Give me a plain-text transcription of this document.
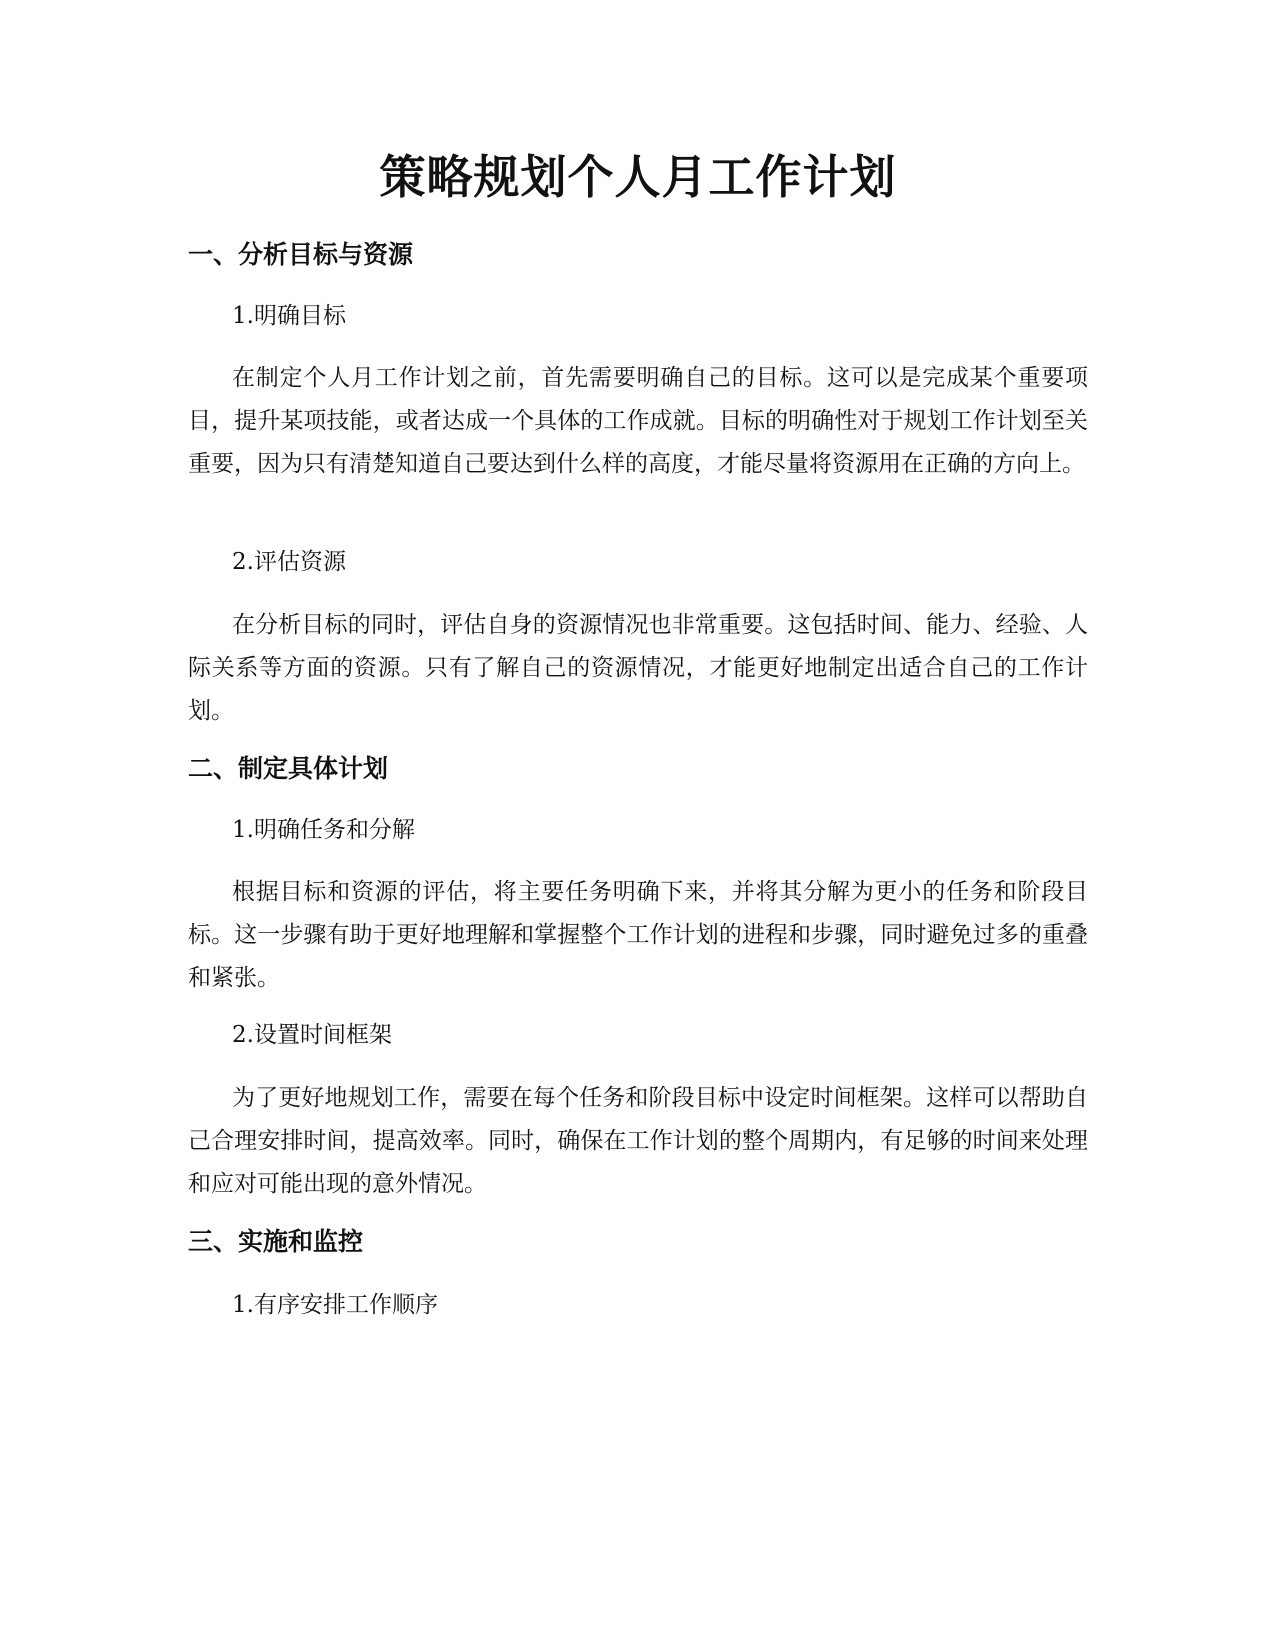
策略规划个人月工作计划
一、分析目标与资源
1.明确目标

在制定个人月工作计划之前，首先需要明确自己的目标。这可以是完成某个重要项目，提升某项技能，或者达成一个具体的工作成就。目标的明确性对于规划工作计划至关重要，因为只有清楚知道自己要达到什么样的高度，才能尽量将资源用在正确的方向上。

2.评估资源

在分析目标的同时，评估自身的资源情况也非常重要。这包括时间、能力、经验、人际关系等方面的资源。只有了解自己的资源情况，才能更好地制定出适合自己的工作计划。

二、制定具体计划
1.明确任务和分解

根据目标和资源的评估，将主要任务明确下来，并将其分解为更小的任务和阶段目标。这一步骤有助于更好地理解和掌握整个工作计划的进程和步骤，同时避免过多的重叠和紧张。

2.设置时间框架

为了更好地规划工作，需要在每个任务和阶段目标中设定时间框架。这样可以帮助自己合理安排时间，提高效率。同时，确保在工作计划的整个周期内，有足够的时间来处理和应对可能出现的意外情况。

三、实施和监控
1.有序安排工作顺序
